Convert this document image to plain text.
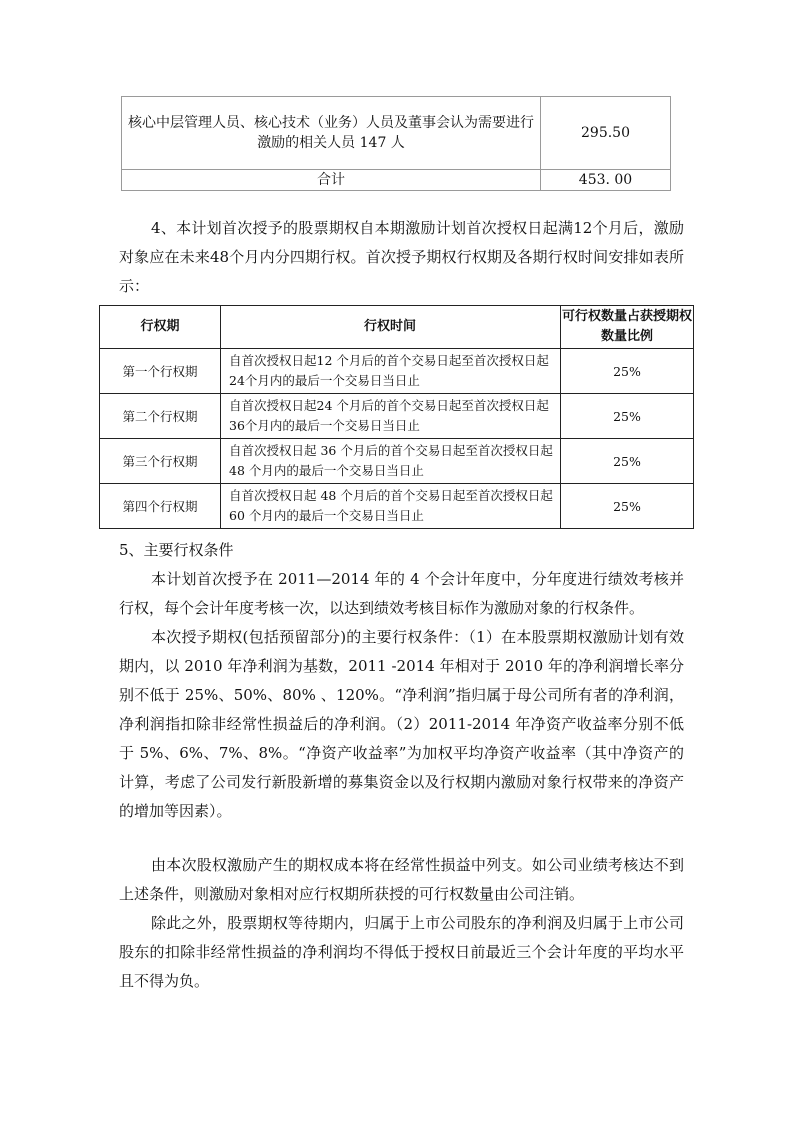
核心中层管理人员、核心技术（业务）人员及董事会认为需要进行激励的相关人员 147 人	295.50
合计	453. 00

4、本计划首次授予的股票期权自本期激励计划首次授权日起满12个月后，激励对象应在未来48个月内分四期行权。首次授予期权行权期及各期行权时间安排如表所示：

行权期	行权时间	可行权数量占获授期权数量比例
第一个行权期	自首次授权日起12 个月后的首个交易日起至首次授权日起24个月内的最后一个交易日当日止	25%
第二个行权期	自首次授权日起24 个月后的首个交易日起至首次授权日起36个月内的最后一个交易日当日止	25%
第三个行权期	自首次授权日起 36 个月后的首个交易日起至首次授权日起 48 个月内的最后一个交易日当日止	25%
第四个行权期	自首次授权日起 48 个月后的首个交易日起至首次授权日起 60 个月内的最后一个交易日当日止	25%

5、主要行权条件

本计划首次授予在 2011—2014 年的 4 个会计年度中，分年度进行绩效考核并行权，每个会计年度考核一次，以达到绩效考核目标作为激励对象的行权条件。

本次授予期权(包括预留部分)的主要行权条件：（1）在本股票期权激励计划有效期内，以 2010 年净利润为基数，2011 -2014 年相对于 2010 年的净利润增长率分别不低于 25%、50%、80% 、120%。“净利润”指归属于母公司所有者的净利润，净利润指扣除非经常性损益后的净利润。（2）2011-2014 年净资产收益率分别不低于 5%、6%、7%、8%。“净资产收益率”为加权平均净资产收益率（其中净资产的计算，考虑了公司发行新股新增的募集资金以及行权期内激励对象行权带来的净资产的增加等因素）。

由本次股权激励产生的期权成本将在经常性损益中列支。如公司业绩考核达不到上述条件，则激励对象相对应行权期所获授的可行权数量由公司注销。

除此之外，股票期权等待期内，归属于上市公司股东的净利润及归属于上市公司股东的扣除非经常性损益的净利润均不得低于授权日前最近三个会计年度的平均水平且不得为负。
